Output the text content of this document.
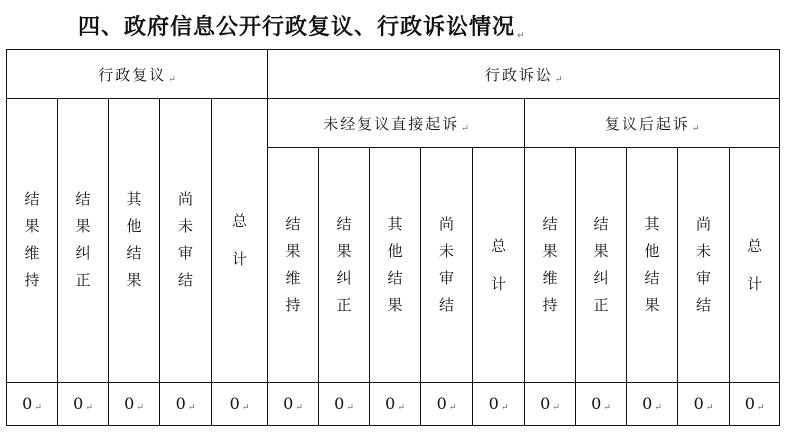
四、政府信息公开行政复议、行政诉讼情况 ↵
行政复议 ↵					行政诉讼 ↵									
结果维持	结果纠正	其他结果	尚未审结	总计	未经复议直接起诉 ↵					复议后起诉 ↵				
					结果维持	结果纠正	其他结果	尚未审结	总计	结果维持	结果纠正	其他结果	尚未审结	总计
0 ↵	0 ↵	0 ↵	0 ↵	0 ↵	0 ↵	0 ↵	0 ↵	0 ↵	0 ↵	0 ↵	0 ↵	0 ↵	0 ↵	0 ↵
